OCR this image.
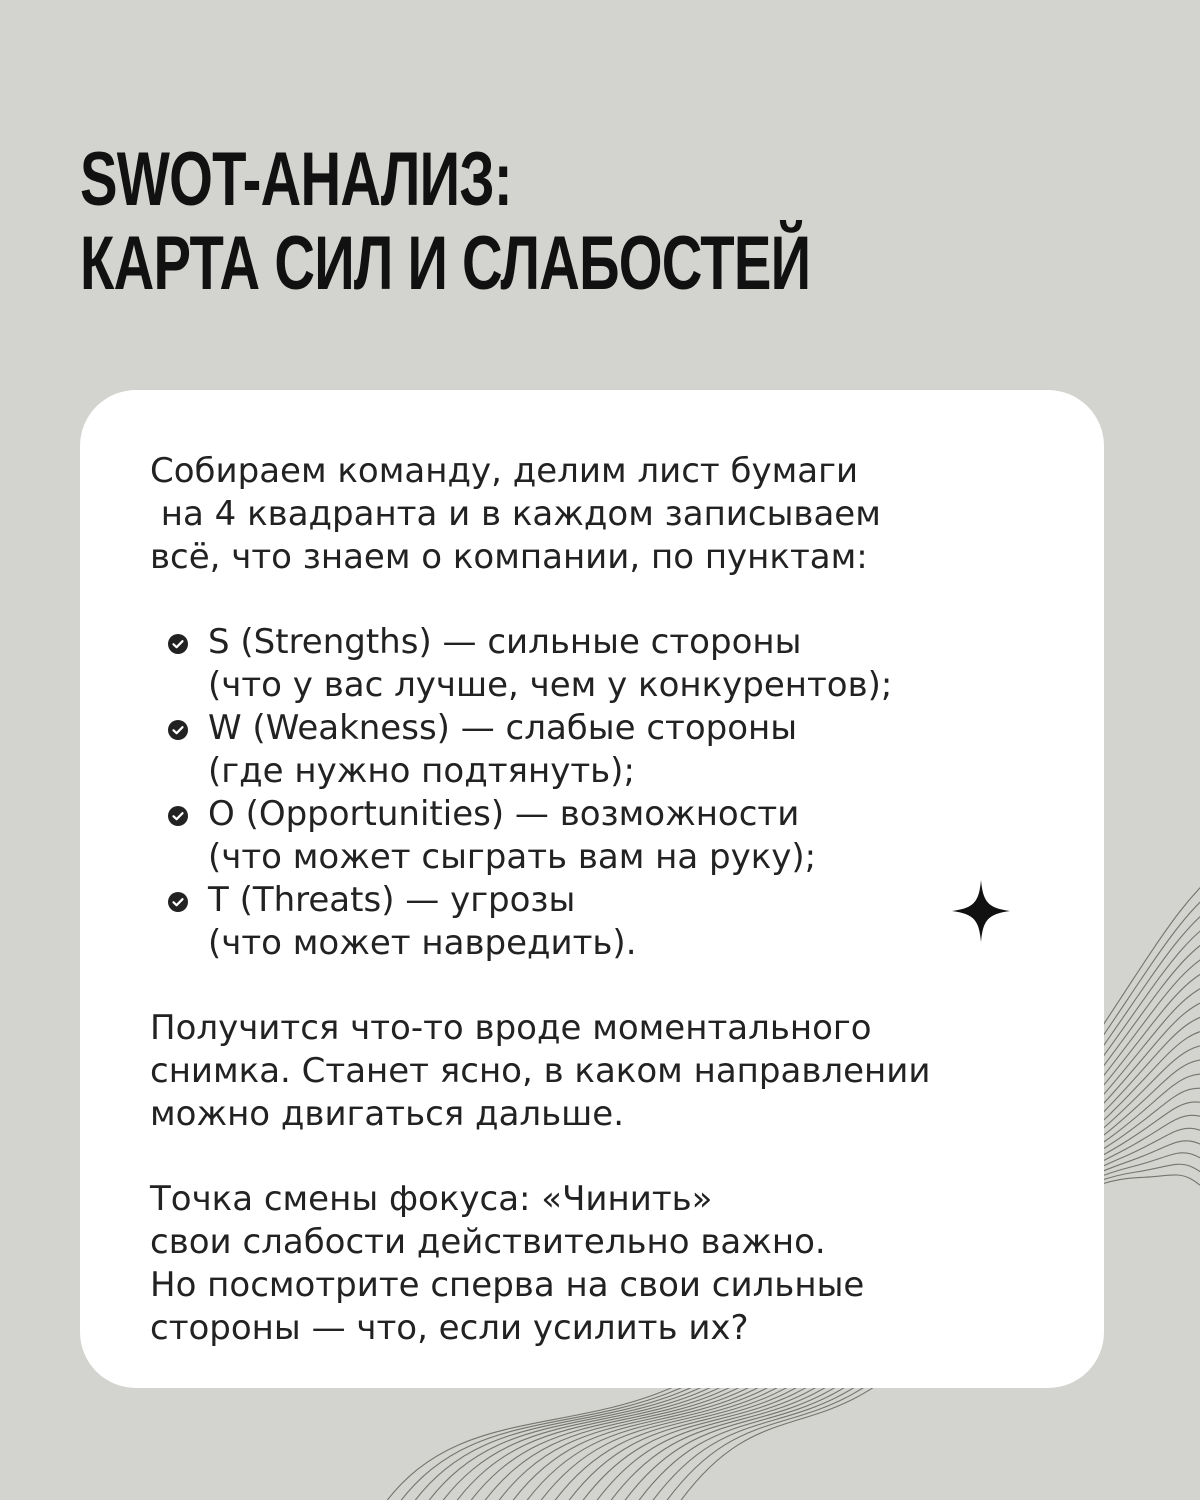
SWOT-АНАЛИЗ:
КАРТА СИЛ И СЛАБОСТЕЙ
Собираем команду, делим лист бумаги
на 4 квадранта и в каждом записываем
всё, что знаем о компании, по пунктам:
S (Strengths) — сильные стороны
(что у вас лучше, чем у конкурентов);
W (Weakness) — слабые стороны
(где нужно подтянуть);
O (Opportunities) — возможности
(что может сыграть вам на руку);
T (Threats) — угрозы
(что может навредить).
Получится что-то вроде моментального
снимка. Станет ясно, в каком направлении
можно двигаться дальше.
Точка смены фокуса: «Чинить»
свои слабости действительно важно.
Но посмотрите сперва на свои сильные
стороны — что, если усилить их?
